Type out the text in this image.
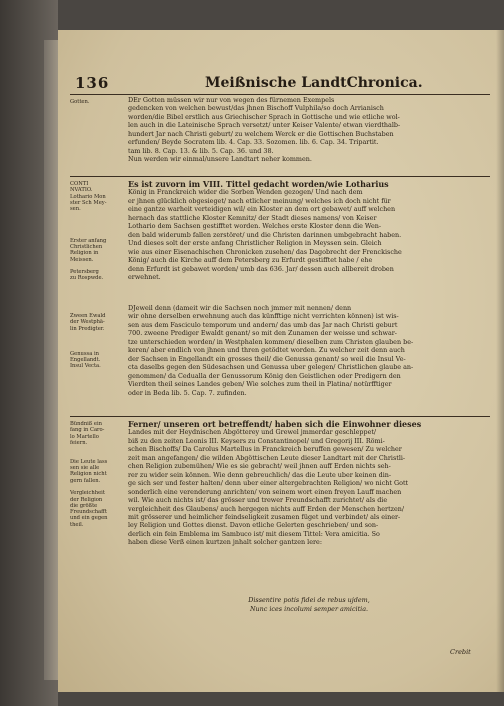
136	Meißnische LandtChronica.
Gotten.	DEr Gotten müssen wir nur von wegen des fürnemen Exempels

gedencken von welchen bewust/das jhnen Bischoff Vulphila/so doch Arrianisch

worden/die Bibel erstlich aus Griechischer Sprach in Gottische und wie etliche wol-

len auch in die Lateinische Sprach versetzt/ unter Keiser Valente/ etwan vierdthalb-

hundert Jar nach Christi geburt/ zu welchem Werck er die Gottischen Buchstaben

erfunden/ Beyde Socratem lib. 4. Cap. 33. Sozomen. lib. 6. Cap. 34. Tripartit.

tam lib. 8. Cap. 13. & lib. 5. Cap. 36. und 38.

Nun werden wir einmal/unsere Landtart neher kommen.

CONTI
NVATIO.
Lothario Mon
ster Sch Mey-
sen.

Erster anfang
Christlichen
Religion in
Meissen.

Petersberg
zu Rospwde.
Es ist zuvorn im VIII. Tittel gedacht worden/wie Lotharius

König in Franckreich wider die Sorben Wenden gezogen/ Und nach dem

er jhnen glücklich obgesieget/ nach etlicher meinung/ welches ich doch nicht für

eine gantze warheit verteidigen wil/ ein Kloster an dem ort gebawet/ auff welchen

hernach das stattliche Kloster Kemnitz/ der Stadt dieses namens/ von Keiser

Lothario dem Sachsen gestifftet worden. Welches erste Kloster denn die Wen-

den bald widerumb fallen zerstöret/ und die Christen darinnen umbgebracht haben.

Und dieses solt der erste anfang Christlicher Religion in Meyssen sein. Gleich

wie aus einer Eisenachischen Chronicken zusehen/ das Dagobrecht der Frenckische

König/ auch die Kirche auff dem Petersberg zu Erfurdt gestifftet habe / ehe

denn Erfurdt ist gebawet worden/ umb das 636. Jar/ dessen auch allbereit droben

erwehnet.

Zween Ewald
der Westphä-
lin Predigter.

Genussa in
Engellandt.
Insul Vecta.

DJeweil denn (dameit wir die Sachsen noch jmmer mit nennen/ denn

wir ohne derselben erwehnung auch das künfftige nicht verrichten können) ist wis-

sen aus dem Fasciculo temporum und andern/ das umb das Jar nach Christi geburt

700. zweene Prediger Ewaldt genant/ so mit den Zunamen der weisse und schwar-

tze unterschieden worden/ in Westphalen kommen/ dieselben zum Christen glauben be-

keren/ aber endlich von jhnen und thren getödtet worden. Zu welcher zeit denn auch

der Sachsen in Engellandt ein grosses theil/ die Genussa genant/ so weil die Insul Ve-

cta daselbs gegen den Südesachsen und Genussa uber gelegen/ Christlichen glaube an-

genommen/ da Cedualla der Genussorum König den Geistlichen oder Predigern den

Vierdten theil seines Landes geben/ Wie solches zum theil in Platina/ notürfftiger

oder in Beda lib. 5. Cap. 7. zufinden.

Bündniß ein
fang in Caro-
lo Martello
feiern.

Die Leute lass
sen sie alle
Religion nicht
gern fallen.

Vergleichheit
der Religion
die größte
Freundschafft
und ein gegen
theil.
Ferner/ unseren ort betreffendt/ haben sich die Einwohner dieses

Landes mit der Heydnischen Abgötterey und Grewel jmmerdar geschleppet/

biß zu den zeiten Leonis III. Keysers zu Constantinopel/ und Gregorij III. Römi-

schen Bischoffs/ Da Carolus Martellus in Franckreich beruffen gewesen/ Zu welcher

zeit man angefangen/ die wilden Abgöttischen Leute dieser Landtart mit der Christli-

chen Religion zubemühen/ Wie es sie gebracht/ weil jhnen auff Erden nichts seh-

rer zu wider sein können. Wie denn gebreuchlich/ das die Leute uber keinen din-

ge sich ser und fester halten/ denn uber einer altergebrachten Religion/ wo nicht Gott

sonderlich eine verenderung anrichten/ von seinem wort einen freyen Lauff machen

wil. Wie auch nichts ist/ das grösser und trewer Freundschafft zurichtet/ als die

vergleichheit des Glaubens/ auch hergegen nichts auff Erden der Menschen hertzen/

mit grösserer und heimlicher feindseligkeit zusamen füget und verbindet/ als einer-

ley Religion und Gottes dienst. Davon etliche Gelerten geschrieben/ und son-

derlich ein fein Emblema im Sambuco ist/ mit diesem Tittel: Vera amicitia. So

haben diese Verß einen kurtzen jnhalt solcher gantzen lere:

Dissentire potis fidei de rebus ujdem,
Nunc ices incolumi semper amicitia.
Crebit
